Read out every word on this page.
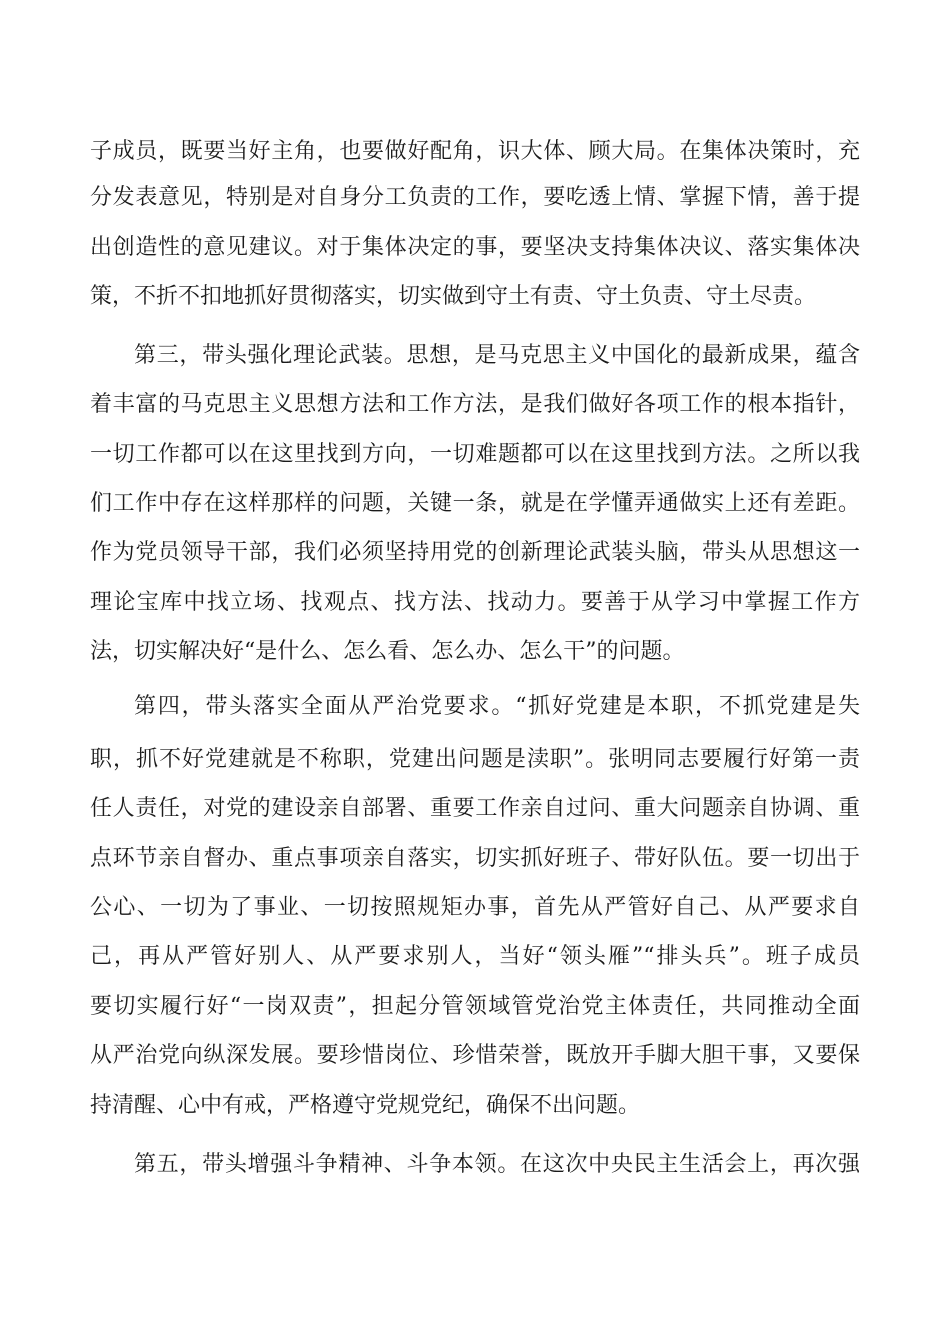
子成员，既要当好主角，也要做好配角，识大体、顾大局。在集体决策时，充
分发表意见，特别是对自身分工负责的工作，要吃透上情、掌握下情，善于提
出创造性的意见建议。对于集体决定的事，要坚决支持集体决议、落实集体决
策，不折不扣地抓好贯彻落实，切实做到守土有责、守土负责、守土尽责。
第三，带头强化理论武装。思想，是马克思主义中国化的最新成果，蕴含
着丰富的马克思主义思想方法和工作方法，是我们做好各项工作的根本指针，
一切工作都可以在这里找到方向，一切难题都可以在这里找到方法。之所以我
们工作中存在这样那样的问题，关键一条，就是在学懂弄通做实上还有差距。
作为党员领导干部，我们必须坚持用党的创新理论武装头脑，带头从思想这一
理论宝库中找立场、找观点、找方法、找动力。要善于从学习中掌握工作方
法，切实解决好“是什么、怎么看、怎么办、怎么干”的问题。
第四，带头落实全面从严治党要求。“抓好党建是本职，不抓党建是失
职，抓不好党建就是不称职，党建出问题是渎职”。张明同志要履行好第一责
任人责任，对党的建设亲自部署、重要工作亲自过问、重大问题亲自协调、重
点环节亲自督办、重点事项亲自落实，切实抓好班子、带好队伍。要一切出于
公心、一切为了事业、一切按照规矩办事，首先从严管好自己、从严要求自
己，再从严管好别人、从严要求别人，当好“领头雁”“排头兵”。班子成员
要切实履行好“一岗双责”，担起分管领域管党治党主体责任，共同推动全面
从严治党向纵深发展。要珍惜岗位、珍惜荣誉，既放开手脚大胆干事，又要保
持清醒、心中有戒，严格遵守党规党纪，确保不出问题。
第五，带头增强斗争精神、斗争本领。在这次中央民主生活会上，再次强
